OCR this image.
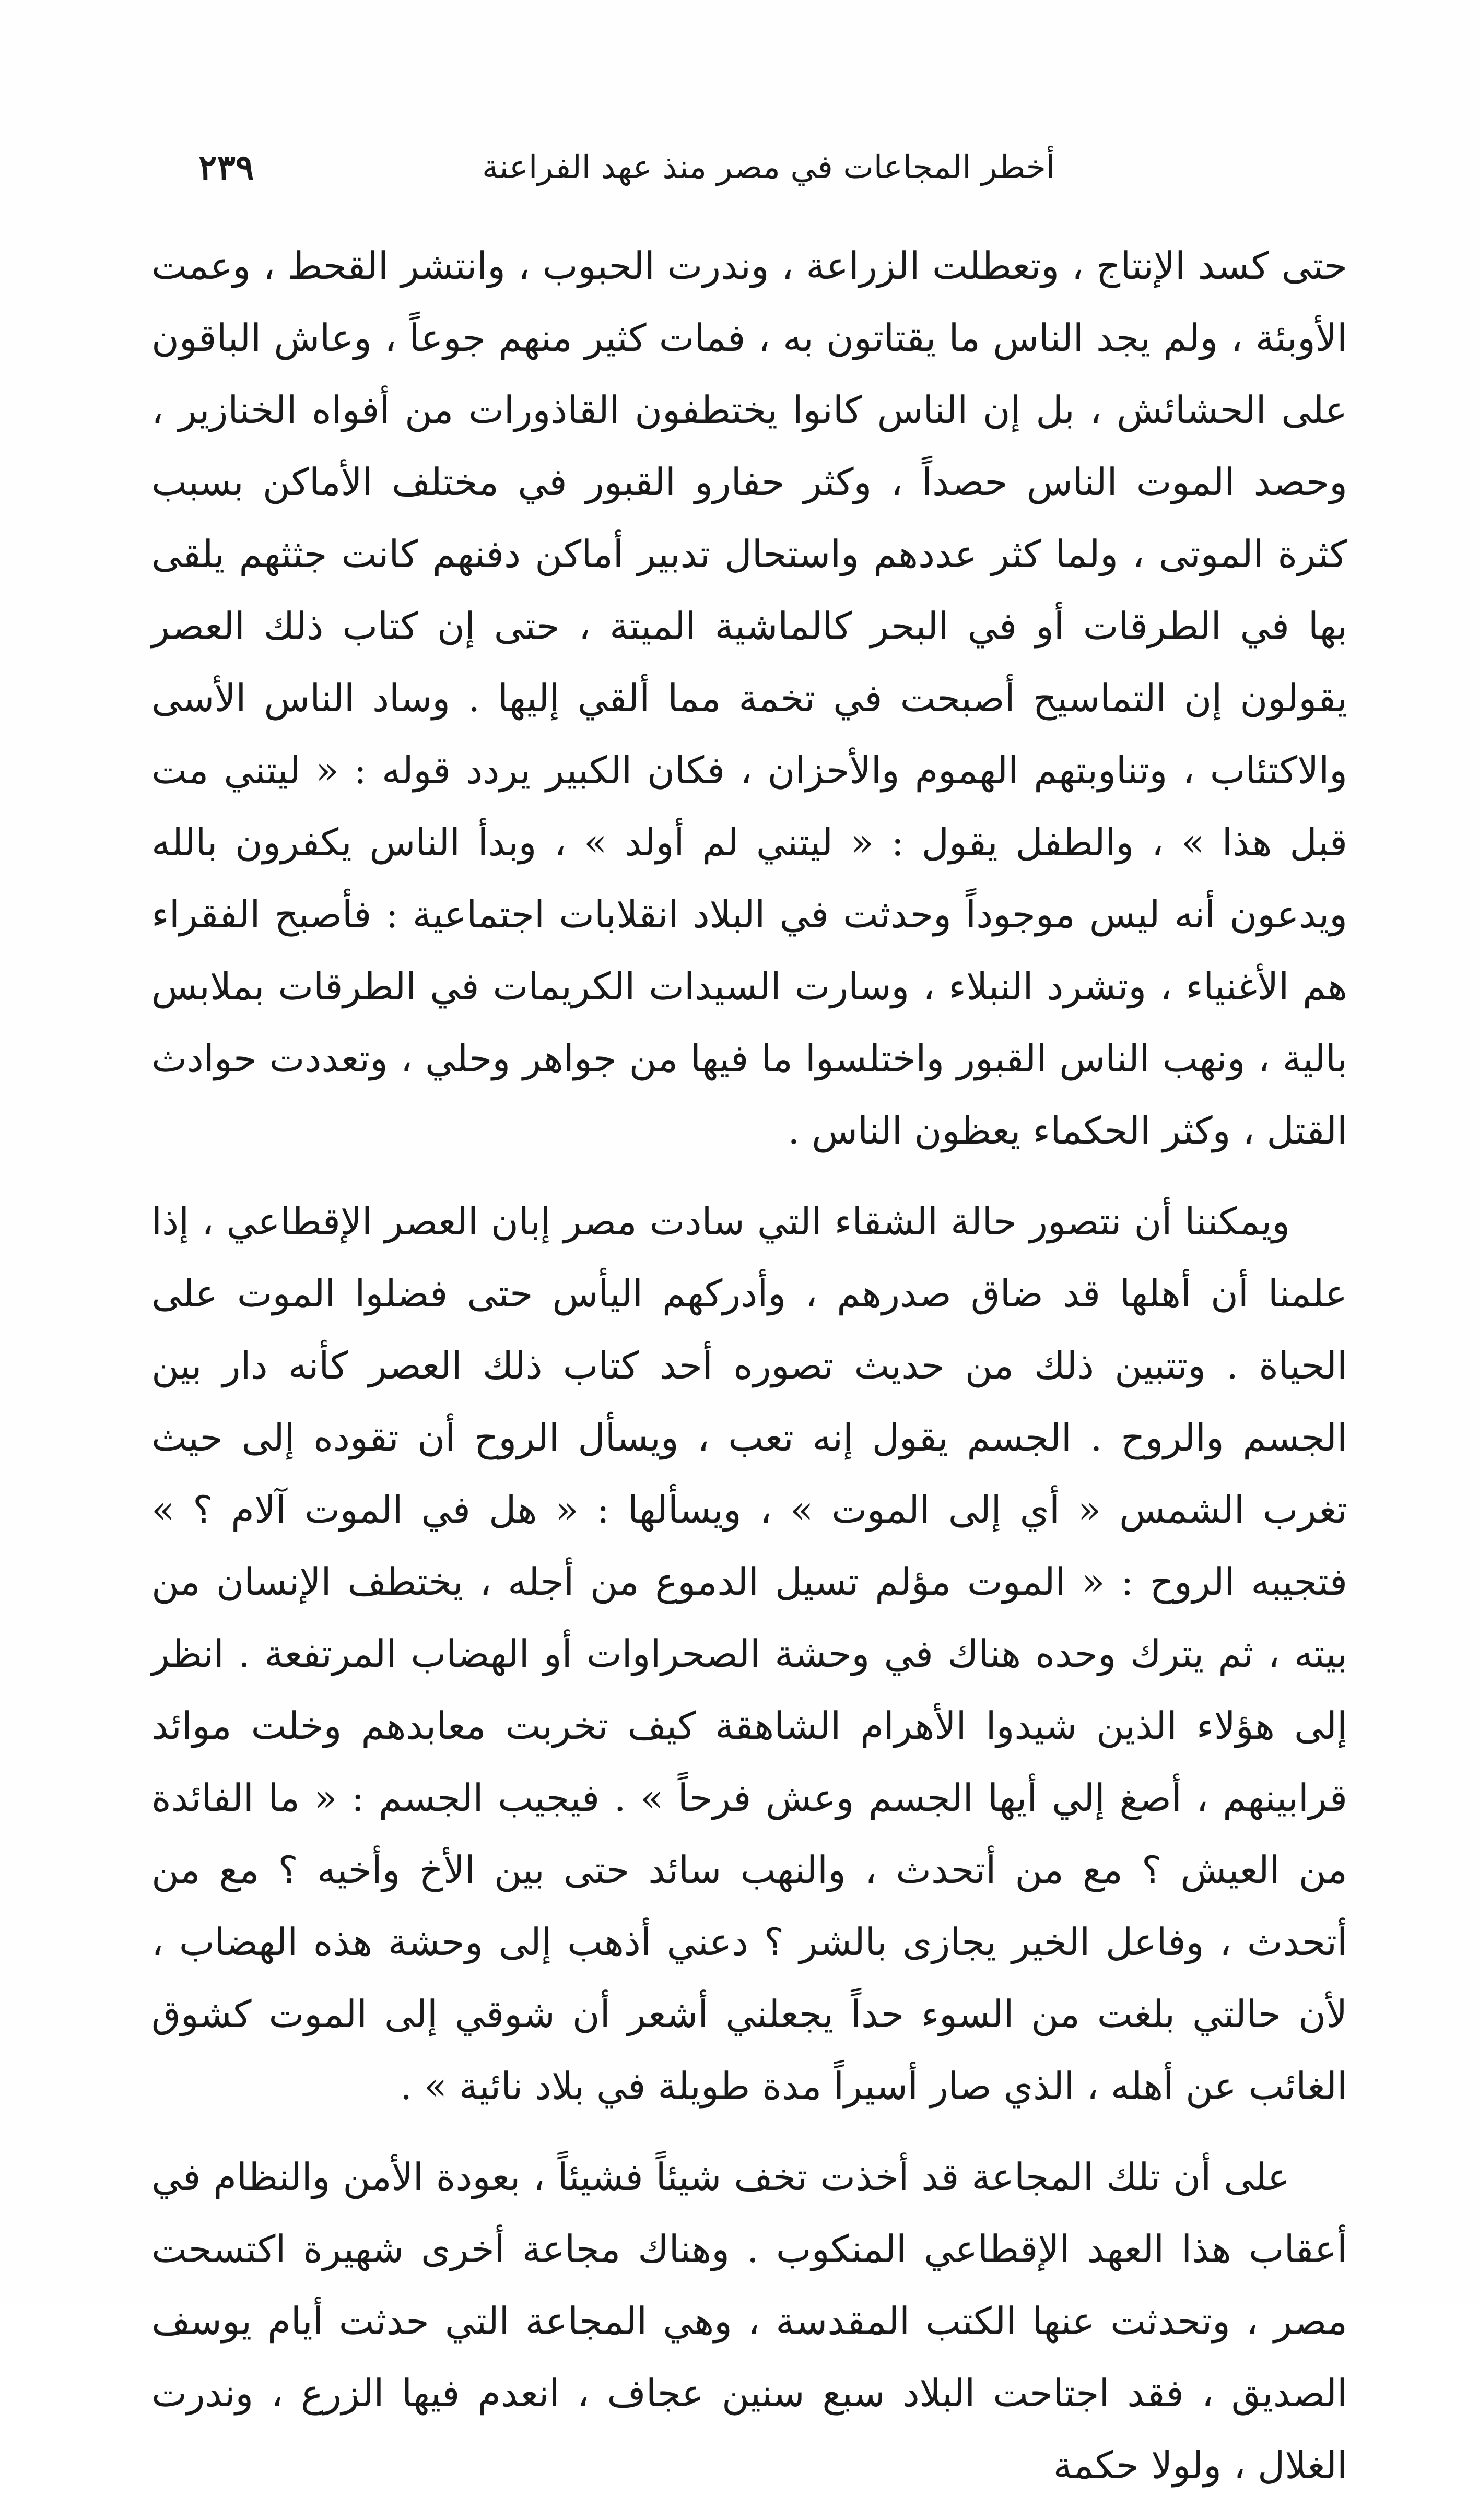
٢٣٩	أخطر المجاعات في مصر منذ عهد الفراعنة

حتى كسد الإنتاج ، وتعطلت الزراعة ، وندرت الحبوب ، وانتشر القحط ، وعمت الأوبئة ، ولم يجد الناس ما يقتاتون به ، فمات كثير منهم جوعاً ، وعاش الباقون على الحشائش ، بل إن الناس كانوا يختطفون القاذورات من أفواه الخنازير ، وحصد الموت الناس حصداً ، وكثر حفارو القبور في مختلف الأماكن بسبب كثرة الموتى ، ولما كثر عددهم واستحال تدبير أماكن دفنهم كانت جثثهم يلقى بها في الطرقات أو في البحر كالماشية الميتة ، حتى إن كتاب ذلك العصر يقولون إن التماسيح أصبحت في تخمة مما ألقي إليها . وساد الناس الأسى والاكتئاب ، وتناوبتهم الهموم والأحزان ، فكان الكبير يردد قوله : « ليتني مت قبل هذا » ، والطفل يقول : « ليتني لم أولد » ، وبدأ الناس يكفرون بالله ويدعون أنه ليس موجوداً وحدثت في البلاد انقلابات اجتماعية : فأصبح الفقراء هم الأغنياء ، وتشرد النبلاء ، وسارت السيدات الكريمات في الطرقات بملابس بالية ، ونهب الناس القبور واختلسوا ما فيها من جواهر وحلي ، وتعددت حوادث القتل ، وكثر الحكماء يعظون الناس .

ويمكننا أن نتصور حالة الشقاء التي سادت مصر إبان العصر الإقطاعي ، إذا علمنا أن أهلها قد ضاق صدرهم ، وأدركهم اليأس حتى فضلوا الموت على الحياة . وتتبين ذلك من حديث تصوره أحد كتاب ذلك العصر كأنه دار بين الجسم والروح . الجسم يقول إنه تعب ، ويسأل الروح أن تقوده إلى حيث تغرب الشمس « أي إلى الموت » ، ويسألها : « هل في الموت آلام ؟ » فتجيبه الروح : « الموت مؤلم تسيل الدموع من أجله ، يختطف الإنسان من بيته ، ثم يترك وحده هناك في وحشة الصحراوات أو الهضاب المرتفعة . انظر إلى هؤلاء الذين شيدوا الأهرام الشاهقة كيف تخربت معابدهم وخلت موائد قرابينهم ، أصغ إلي أيها الجسم وعش فرحاً » . فيجيب الجسم : « ما الفائدة من العيش ؟ مع من أتحدث ، والنهب سائد حتى بين الأخ وأخيه ؟ مع من أتحدث ، وفاعل الخير يجازى بالشر ؟ دعني أذهب إلى وحشة هذه الهضاب ، لأن حالتي بلغت من السوء حداً يجعلني أشعر أن شوقي إلى الموت كشوق الغائب عن أهله ، الذي صار أسيراً مدة طويلة في بلاد نائية » .

على أن تلك المجاعة قد أخذت تخف شيئاً فشيئاً ، بعودة الأمن والنظام في أعقاب هذا العهد الإقطاعي المنكوب . وهناك مجاعة أخرى شهيرة اكتسحت مصر ، وتحدثت عنها الكتب المقدسة ، وهي المجاعة التي حدثت أيام يوسف الصديق ، فقد اجتاحت البلاد سبع سنين عجاف ، انعدم فيها الزرع ، وندرت الغلال ، ولولا حكمة
